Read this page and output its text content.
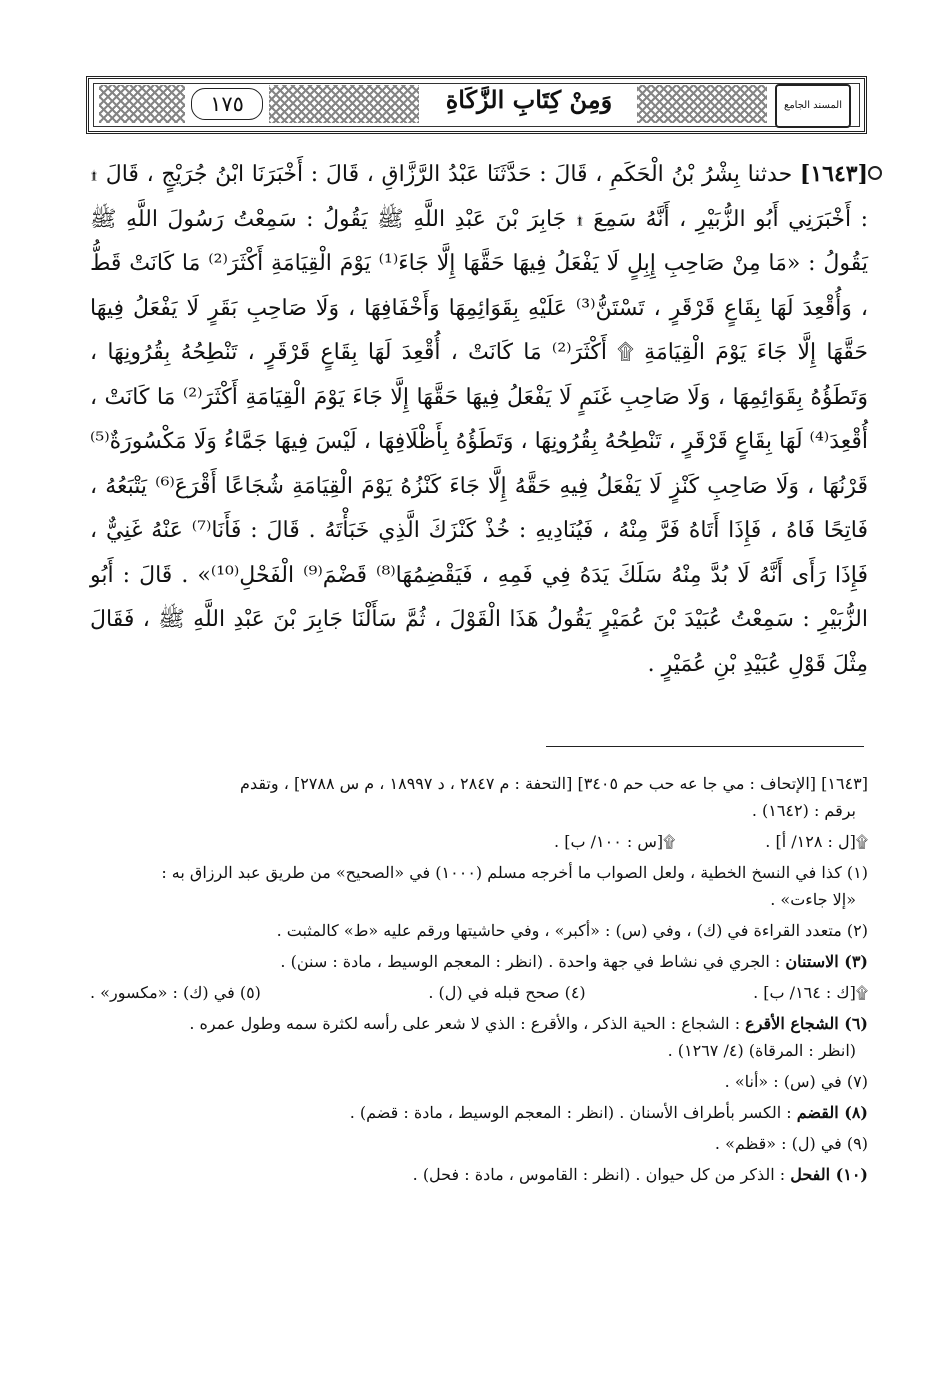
١٧٥	وَمِنْ كِتَابِ الزَّكَاةِ	المسند الجامع
[١٦٤٣] حدثنا بِشْرُ بْنُ الْحَكَمِ ، قَالَ : حَدَّثَنَا عَبْدُ الرَّزَّاقِ ، قَالَ : أَخْبَرَنَا ابْنُ جُرَيْجٍ ، قَالَ ۩ : أَخْبَرَنِي أَبُو الزُّبَيْرِ ، أَنَّهُ سَمِعَ ۩ جَابِرَ بْنَ عَبْدِ اللَّهِ ﷺ يَقُولُ : سَمِعْتُ رَسُولَ اللَّهِ ﷺ يَقُولُ : «مَا مِنْ صَاحِبِ إِبِلٍ لَا يَفْعَلُ فِيهَا حَقَّهَا إِلَّا جَاءَ⁽¹⁾ يَوْمَ الْقِيَامَةِ أَكْثَرَ⁽²⁾ مَا كَانَتْ قَطُّ ، وَأُقْعِدَ لَهَا بِقَاعٍ قَرْقَرٍ ، تَسْتَنُّ⁽³⁾ عَلَيْهِ بِقَوَائِمِهَا وَأَخْفَافِهَا ، وَلَا صَاحِبِ بَقَرٍ لَا يَفْعَلُ فِيهَا حَقَّهَا إِلَّا جَاءَ يَوْمَ الْقِيَامَةِ ۩ أَكْثَرَ⁽²⁾ مَا كَانَتْ ، أُقْعِدَ لَهَا بِقَاعٍ قَرْقَرٍ ، تَنْطِحُهُ بِقُرُونِهَا ، وَتَطَؤُهُ بِقَوَائِمِهَا ، وَلَا صَاحِبِ غَنَمٍ لَا يَفْعَلُ فِيهَا حَقَّهَا إِلَّا جَاءَ يَوْمَ الْقِيَامَةِ أَكْثَرَ⁽²⁾ مَا كَانَتْ ، أُقْعِدَ⁽⁴⁾ لَهَا بِقَاعٍ قَرْقَرٍ ، تَنْطِحُهُ بِقُرُونِهَا ، وَتَطَؤُهُ بِأَظْلَافِهَا ، لَيْسَ فِيهَا جَمَّاءُ وَلَا مَكْسُورَةٌ⁽⁵⁾ قَرْنُهَا ، وَلَا صَاحِبِ كَنْزٍ لَا يَفْعَلُ فِيهِ حَقَّهُ إِلَّا جَاءَ كَنْزُهُ يَوْمَ الْقِيَامَةِ شُجَاعًا أَقْرَعَ⁽⁶⁾ يَتْبَعُهُ ، فَاتِحًا فَاهُ ، فَإِذَا أَتَاهُ فَرَّ مِنْهُ ، فَيُنَادِيهِ : خُذْ كَنْزَكَ الَّذِي خَبَأْتَهُ . قَالَ : فَأَنَا⁽⁷⁾ عَنْهُ غَنِيٌّ ، فَإِذَا رَأَى أَنَّهُ لَا بُدَّ مِنْهُ سَلَكَ يَدَهُ فِي فَمِهِ ، فَيَقْضِمُهَا⁽⁸⁾ قَضْمَ⁽⁹⁾ الْفَحْلِ⁽¹⁰⁾» . قَالَ : أَبُو الزُّبَيْرِ : سَمِعْتُ عُبَيْدَ بْنَ عُمَيْرٍ يَقُولُ هَذَا الْقَوْلَ ، ثُمَّ سَأَلْنَا جَابِرَ بْنَ عَبْدِ اللَّهِ ﷺ ، فَقَالَ مِثْلَ قَوْلِ عُبَيْدِ بْنِ عُمَيْرٍ .

[١٦٤٣] [الإتحاف : مي جا عه حب حم ٣٤٠٥] [التحفة : م ٢٨٤٧ ، د ١٨٩٩٧ ، م س ٢٧٨٨] ، وتقدم

برقم : (١٦٤٢) .

۩[ل : ١٢٨/ أ] .
۩[س : ١٠٠/ ب] .

(١) كذا في النسخ الخطية ، ولعل الصواب ما أخرجه مسلم (١٠٠٠) في «الصحيح» من طريق عبد الرزاق به :

«إلا جاءت» .

(٢) متعدد القراءة في (ك) ، وفي (س) : «أكبر» ، وفي حاشيتها ورقم عليه «ط» كالمثبت .

(٣) الاستنان : الجري في نشاط في جهة واحدة . (انظر : المعجم الوسيط ، مادة : سنن) .

۩[ك : ١٦٤/ ب] .
(٤) صحح قبله في (ل) .
(٥) في (ك) : «مكسور» .

(٦) الشجاع الأقرع : الشجاع : الحية الذكر ، والأقرع : الذي لا شعر على رأسه لكثرة سمه وطول عمره .

(انظر : المرقاة) (٤/ ١٢٦٧) .

(٧) في (س) : «أنا» .

(٨) القضم : الكسر بأطراف الأسنان . (انظر : المعجم الوسيط ، مادة : قضم) .

(٩) في (ل) : «قظم» .

(١٠) الفحل : الذكر من كل حيوان . (انظر : القاموس ، مادة : فحل) .
